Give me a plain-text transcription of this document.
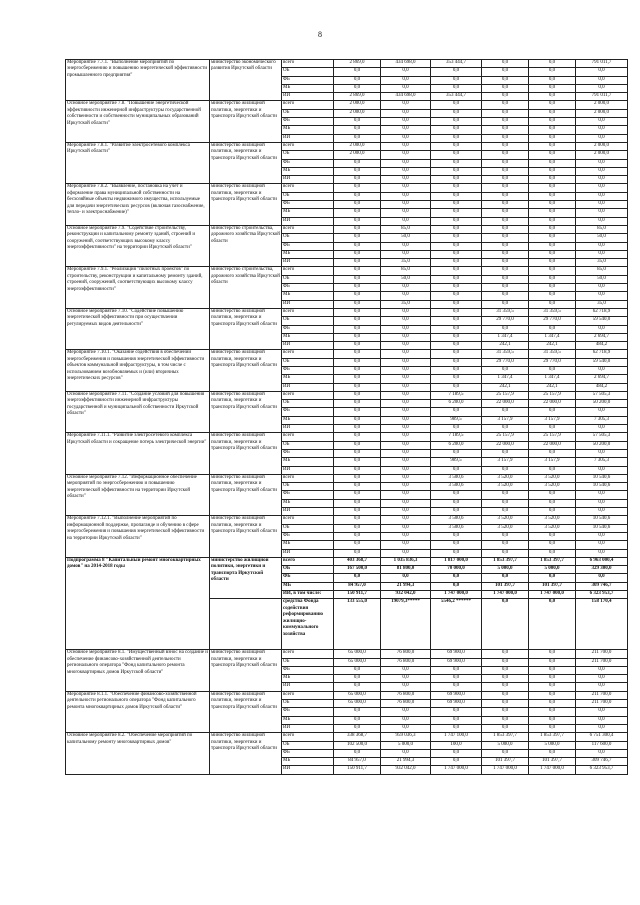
8
Мероприятие 7.7.1. "Выполнение мероприятий по энергосбережению и повышению энергетической эффективности промышленного предприятия"	министерство экономического развития Иркутской области	всего	2 869,0	434 698,0	353 444,7	0,0	0,0	791 011,7
		ОБ	0,0	0,0	0,0	0,0	0,0	0,0
		ФБ	0,0	0,0	0,0	0,0	0,0	0,0
		МБ	0,0	0,0	0,0	0,0	0,0	0,0
		ИИ	2 869,0	434 698,0	353 444,7	0,0	0,0	791 011,7
Основное мероприятие 7.8. "Повышение энергетической эффективности инженерной инфраструктуры государственной собственности и собственности муниципальных образований Иркутской области"	министерство жилищной политики, энергетики и транспорта Иркутской области	всего	2 000,0	0,0	0,0	0,0	0,0	2 000,0
		ОБ	2 000,0	0,0	0,0	0,0	0,0	2 000,0
		ФБ	0,0	0,0	0,0	0,0	0,0	0,0
		МБ	0,0	0,0	0,0	0,0	0,0	0,0
		ИИ	0,0	0,0	0,0	0,0	0,0	0,0
Мероприятие 7.8.1. "Развитие электросетевого комплекса Иркутской области"	министерство жилищной политики, энергетики и транспорта Иркутской области	всего	2 000,0	0,0	0,0	0,0	0,0	2 000,0
		ОБ	2 000,0	0,0	0,0	0,0	0,0	2 000,0
		ФБ	0,0	0,0	0,0	0,0	0,0	0,0
		МБ	0,0	0,0	0,0	0,0	0,0	0,0
		ИИ	0,0	0,0	0,0	0,0	0,0	0,0
Мероприятие 7.8.2. "Выявление, постановка на учет и оформление права муниципальной собственности на бесхозяйные объекты недвижимого имущества, используемые для передачи энергетических ресурсов (включая газоснабжение, тепло- и электроснабжение)"	министерство жилищной политики, энергетики и транспорта Иркутской области	всего	0,0	0,0	0,0	0,0	0,0	0,0
		ОБ	0,0	0,0	0,0	0,0	0,0	0,0
		ФБ	0,0	0,0	0,0	0,0	0,0	0,0
		МБ	0,0	0,0	0,0	0,0	0,0	0,0
		ИИ	0,0	0,0	0,0	0,0	0,0	0,0
Основное мероприятие 7.9. "Содействие строительству, реконструкции и капитальному ремонту зданий, строений и сооружений, соответствующих высокому классу энергоэффективности" на территории Иркутской области"	министерство строительства, дорожного хозяйства Иркутской области	всего	0,0	85,0	0,0	0,0	0,0	85,0
		ОБ	0,0	50,0	0,0	0,0	0,0	50,0
		ФБ	0,0	0,0	0,0	0,0	0,0	0,0
		МБ	0,0	0,0	0,0	0,0	0,0	0,0
		ИИ	0,0	35,0	0,0	0,0	0,0	35,0
Мероприятие 7.9.1. "Реализация "пилотных проектов" по строительству, реконструкции и капитальному ремонту зданий, строений, сооружений, соответствующих высокому классу энергоэффективности"	министерство строительства, дорожного хозяйства Иркутской области	всего	0,0	85,0	0,0	0,0	0,0	85,0
		ОБ	0,0	50,0	0,0	0,0	0,0	50,0
		ФБ	0,0	0,0	0,0	0,0	0,0	0,0
		МБ	0,0	0,0	0,0	0,0	0,0	0,0
		ИИ	0,0	35,0	0,0	0,0	0,0	35,0
Основное мероприятие 7.10. "Содействие повышению энергетической эффективности при осуществлении регулируемых видов деятельности"	министерство жилищной политики, энергетики и транспорта Иркутской области	всего	0,0	0,0	0,0	31 359,5	31 359,5	62 718,9
		ОБ	0,0	0,0	0,0	29 770,0	29 770,0	59 540,0
		ФБ	0,0	0,0	0,0	0,0	0,0	0,0
		МБ	0,0	0,0	0,0	1 347,4	1 347,4	2 694,7
		ИИ	0,0	0,0	0,0	242,1	242,1	484,2
Мероприятие 7.10.1. "Оказание содействия в обеспечении энергосбережения и повышения энергетической эффективности объектов коммунальной инфраструктуры, в том числе с использованием возобновляемых и (или) вторичных энергетических ресурсов"	министерство жилищной политики, энергетики и транспорта Иркутской области	всего	0,0	0,0	0,0	31 359,5	31 359,5	62 718,9
		ОБ	0,0	0,0	0,0	29 770,0	29 770,0	59 540,0
		ФБ	0,0	0,0	0,0	0,0	0,0	0,0
		МБ	0,0	0,0	0,0	1 347,4	1 347,4	2 694,7
		ИИ	0,0	0,0	0,0	242,1	242,1	484,2
Основное мероприятие 7.11. "Создание условий для повышения энергоэффективности инженерной инфраструктуры государственной и муниципальной собственности Иркутской области"	министерство жилищной политики, энергетики и транспорта Иркутской области	всего	0,0	0,0	7 189,5	25 157,9	25 157,9	57 505,3
		ОБ	0,0	0,0	6 200,0	22 000,0	22 000,0	50 200,0
		ФБ	0,0	0,0	0,0	0,0	0,0	0,0
		МБ	0,0	0,0	989,5	3 157,9	3 157,9	7 305,3
		ИИ	0,0	0,0	0,0	0,0	0,0	0,0
Мероприятие 7.11.1. "Развитие электросетевого комплекса Иркутской области и сокращение потерь электрической энергии"	министерство жилищной политики, энергетики и транспорта Иркутской области	всего	0,0	0,0	7 189,5	25 157,9	25 157,9	57 505,3
		ОБ	0,0	0,0	6 200,0	22 000,0	22 000,0	50 200,0
		ФБ	0,0	0,0	0,0	0,0	0,0	0,0
		МБ	0,0	0,0	989,5	3 157,9	3 157,9	7 305,3
		ИИ	0,0	0,0	0,0	0,0	0,0	0,0
Основное мероприятие 7.12. "Информационное обеспечение мероприятий по энергосбережению и повышению энергетической эффективности на территории Иркутской области"	министерство жилищной политики, энергетики и транспорта Иркутской области	всего	0,0	0,0	3 500,6	3 520,0	3 520,0	10 540,6
		ОБ	0,0	0,0	3 500,6	3 520,0	3 520,0	10 540,6
		ФБ	0,0	0,0	0,0	0,0	0,0	0,0
		МБ	0,0	0,0	0,0	0,0	0,0	0,0
		ИИ	0,0	0,0	0,0	0,0	0,0	0,0
Мероприятие 7.12.1. "Выполнение мероприятий по информационной поддержке, пропаганде и обучению в сфере энергосбережения и повышения энергетической эффективности на территории Иркутской области"	министерство жилищной политики, энергетики и транспорта Иркутской области	всего	0,0	0,0	3 500,6	3 520,0	3 520,0	10 540,6
		ОБ	0,0	0,0	3 500,6	3 520,0	3 520,0	10 540,6
		ФБ	0,0	0,0	0,0	0,0	0,0	0,0
		МБ	0,0	0,0	0,0	0,0	0,0	0,0
		ИИ	0,0	0,0	0,0	0,0	0,0	0,0
Подпрограмма 8 "Капитальный ремонт многоквартирных домов" на 2014-2018 годы	министерство жилищной политики, энергетики и транспорта Иркутской области	всего	403 368,7	1 035 836,3	1 817 000,0	1 853 397,7	1 853 397,7	6 963 000,4
		ОБ	167 500,0	81 800,0	70 000,0	5 000,0	5 000,0	329 300,0
		ФБ	0,0	0,0	0,0	0,0	0,0	0,0
		МБ	84 957,0	21 994,3	0,0	101 397,7	101 397,7	309 746,7
		ИИ, в том числе:	150 911,7	932 042,0	1 747 000,0	1 747 000,0	1 747 000,0	6 323 953,7
		средства Фонда содействия реформированию жилищно-коммунального хозяйства	133 555,0	19079,3*****	5546,2 ******	0,0	0,0	158 170,4
Основное мероприятие 8.1. "Имущественный взнос на создание и обеспечение финансово-хозяйственной деятельности регионального оператора "Фонд капитального ремонта многоквартирных домов Иркутской области"	министерство жилищной политики, энергетики и транспорта Иркутской области	всего	65 000,0	76 800,0	69 900,0	0,0	0,0	211 700,0
		ОБ	65 000,0	76 800,0	69 900,0	0,0	0,0	211 700,0
		ФБ	0,0	0,0	0,0	0,0	0,0	0,0
		МБ	0,0	0,0	0,0	0,0	0,0	0,0
		ИИ	0,0	0,0	0,0	0,0	0,0	0,0
Мероприятие 8.1.1. "Обеспечение финансово-хозяйственной деятельности регионального оператора "Фонд капитального ремонта многоквартирных домов Иркутской области"	министерство жилищной политики, энергетики и транспорта Иркутской области	всего	65 000,0	76 800,0	69 900,0	0,0	0,0	211 700,0
		ОБ	65 000,0	76 800,0	69 900,0	0,0	0,0	211 700,0
		ФБ	0,0	0,0	0,0	0,0	0,0	0,0
		МБ	0,0	0,0	0,0	0,0	0,0	0,0
		ИИ	0,0	0,0	0,0	0,0	0,0	0,0
Основное мероприятие 8.2. "Обеспечение мероприятий по капитальному ремонту многоквартирных домов"	министерство жилищной политики, энергетики и транспорта Иркутской области	всего	338 368,7	959 036,3	1 747 100,0	1 853 397,7	1 853 397,7	6 751 300,4
		ОБ	102 500,0	5 000,0	100,0	5 000,0	5 000,0	117 600,0
		ФБ	0,0	0,0	0,0	0,0	0,0	0,0
		МБ	84 957,0	21 994,3	0,0	101 397,7	101 397,7	309 746,7
		ИИ	150 911,7	932 042,0	1 747 000,0	1 747 000,0	1 747 000,0	6 323 953,7
